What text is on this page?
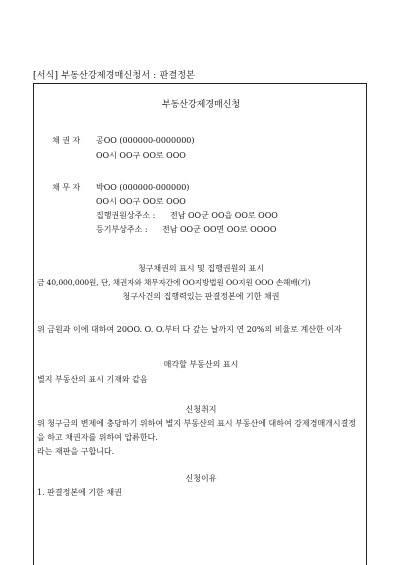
[서식] 부동산강제경매신청서 : 판결정본
부동산강제경매신청
채 권 자 공OO (000000-0000000)
OO시 OO구 OO로 OOO
채 무 자 박OO (000000-000000)
OO시 OO구 OO로 OOO
집행권원상주소 : 전남 OO군 OO읍 OO로 OOO
등기부상주소 : 전남 OO군 OO면 OO로 OOOO
청구채권의 표시 및 집행권원의 표시
금 40,000,000원, 단, 채권자와 채무자간에 OO지방법원 OO지원 OOO 손해배(기)
청구사건의 집행력있는 판결정본에 기한 채권
위 금원과 이에 대하여 20OO. O. O.부터 다 갚는 날까지 연 20%의 비율로 계산한 이자
매각할 부동산의 표시
별지 부동산의 표시 기재와 같음
신청취지
위 청구금의 변제에 충당하기 위하여 별지 부동산의 표시 부동산에 대하여 강제경매개시결정을 하고 채권자를 위하여 압류한다.
라는 재판을 구합니다.
신청이유
1. 판결정본에 기한 채권
